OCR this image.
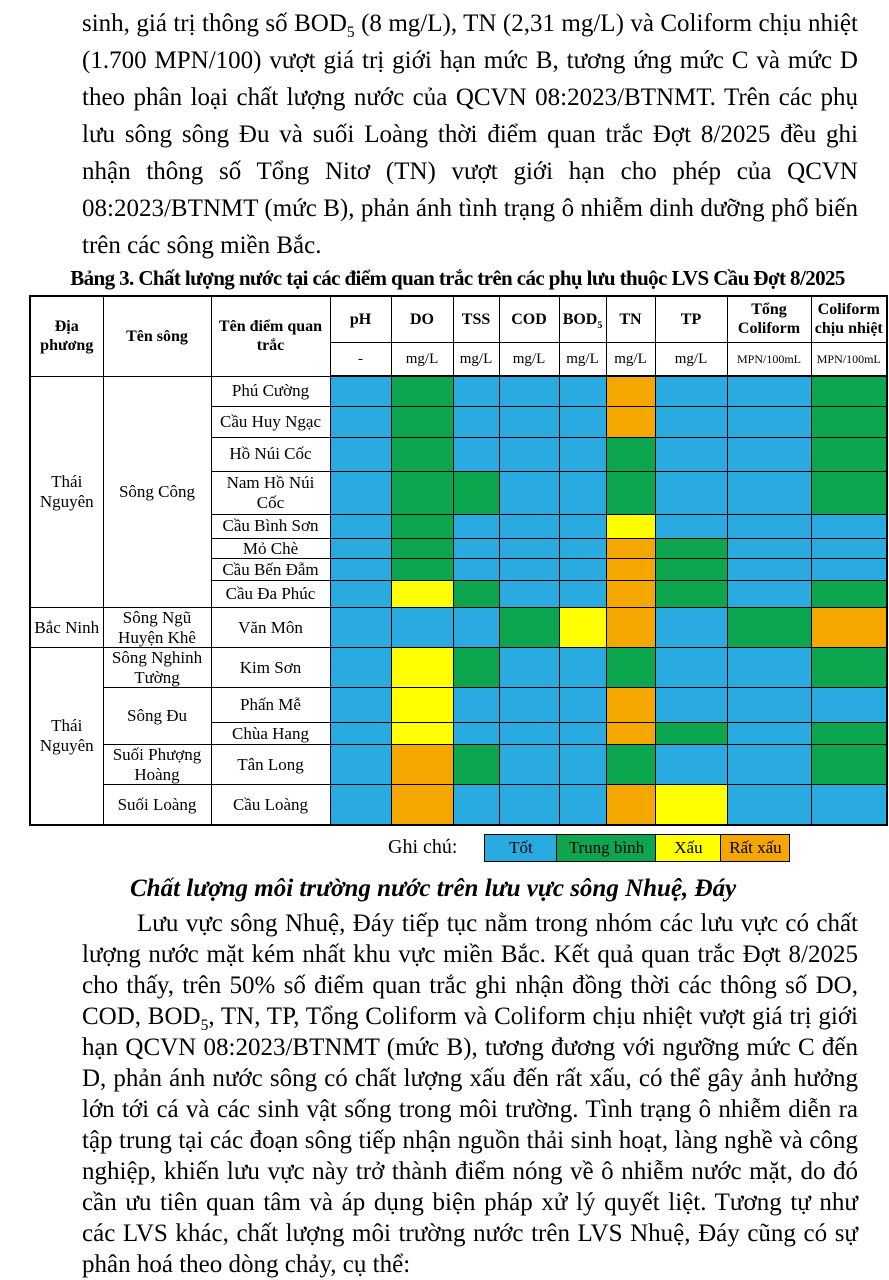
sinh, giá trị thông số $BOD_5$ (8 mg/L), TN (2,31 mg/L) và Coliform chịu nhiệt (1.700 MPN/100) vượt giá trị giới hạn mức B, tương ứng mức C và mức D theo phân loại chất lượng nước của QCVN 08:2023/BTNMT. Trên các phụ lưu sông sông Đu và suối Loàng thời điểm quan trắc Đợt 8/2025 đều ghi nhận thông số Tổng Nitơ (TN) vượt giới hạn cho phép của QCVN 08:2023/BTNMT (mức B), phản ánh tình trạng ô nhiễm dinh dưỡng phổ biến trên các sông miền Bắc.

Bảng 3. Chất lượng nước tại các điểm quan trắc trên các phụ lưu thuộc LVS Cầu Đợt 8/2025
Địa phương	Tên sông	Tên điểm quan trắc	pH	DO	TSS	COD	$BOD_5$	TN	TP	Tổng Coliform	Coliform chịu nhiệt
			-	mg/L	mg/L	mg/L	mg/L	mg/L	mg/L	MPN/100mL	MPN/100mL
Thái Nguyên	Sông Công	Phú Cường									
		Cầu Huy Ngạc									
		Hồ Núi Cốc									
		Nam Hồ Núi Cốc									
		Cầu Bình Sơn									
		Mỏ Chè									
		Cầu Bến Đẫm									
		Cầu Đa Phúc									
Bắc Ninh	Sông Ngũ Huyện Khê	Văn Môn									
Thái Nguyên	Sông Nghinh Tường	Kim Sơn									
	Sông Đu	Phấn Mễ									
		Chùa Hang									
	Suối Phượng Hoàng	Tân Long									
	Suối Loàng	Cầu Loàng									
Ghi chú:	Tốt	Trung bình	Xấu	Rất xấu

Chất lượng môi trường nước trên lưu vực sông Nhuệ, Đáy

Lưu vực sông Nhuệ, Đáy tiếp tục nằm trong nhóm các lưu vực có chất lượng nước mặt kém nhất khu vực miền Bắc. Kết quả quan trắc Đợt 8/2025 cho thấy, trên 50% số điểm quan trắc ghi nhận đồng thời các thông số DO, COD, $BOD_5$, TN, TP, Tổng Coliform và Coliform chịu nhiệt vượt giá trị giới hạn QCVN 08:2023/BTNMT (mức B), tương đương với ngưỡng mức C đến D, phản ánh nước sông có chất lượng xấu đến rất xấu, có thể gây ảnh hưởng lớn tới cá và các sinh vật sống trong môi trường. Tình trạng ô nhiễm diễn ra tập trung tại các đoạn sông tiếp nhận nguồn thải sinh hoạt, làng nghề và công nghiệp, khiến lưu vực này trở thành điểm nóng về ô nhiễm nước mặt, do đó cần ưu tiên quan tâm và áp dụng biện pháp xử lý quyết liệt. Tương tự như các LVS khác, chất lượng môi trường nước trên LVS Nhuệ, Đáy cũng có sự phân hoá theo dòng chảy, cụ thể:
